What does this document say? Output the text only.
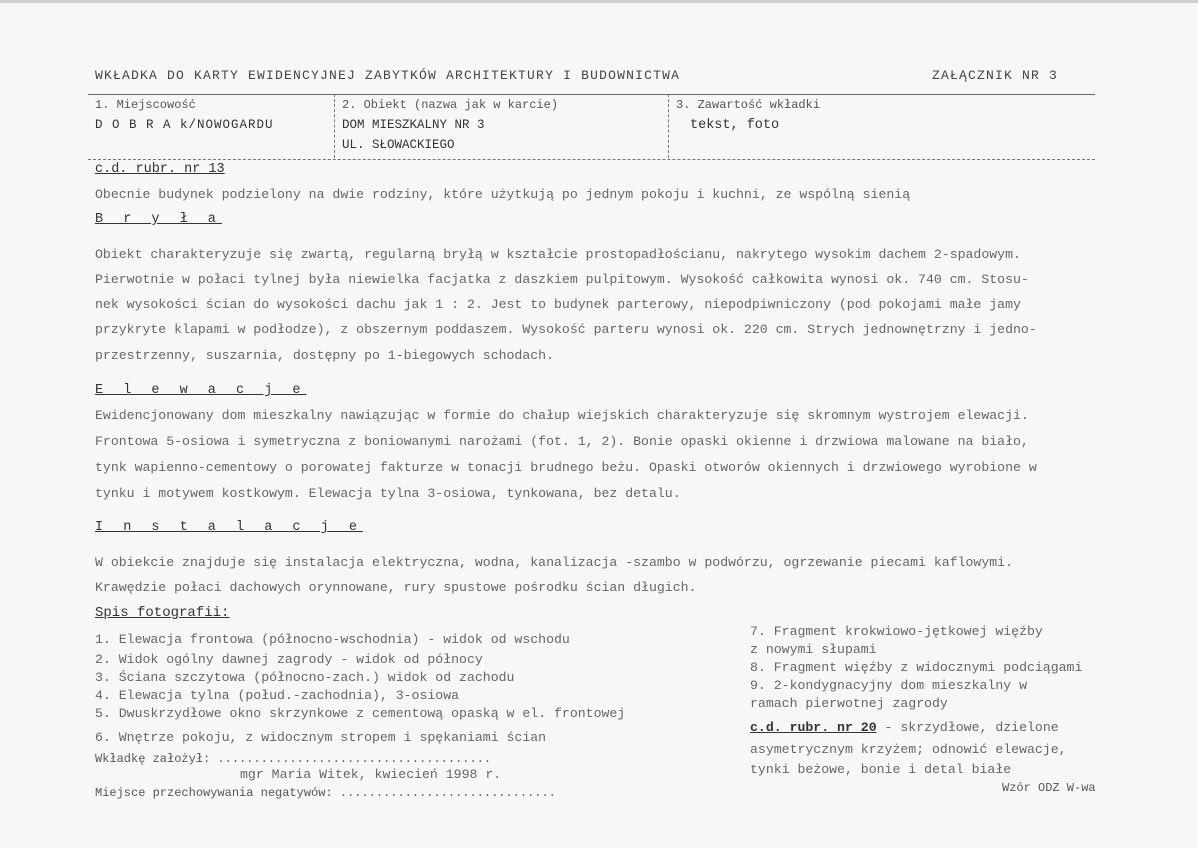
WKŁADKA DO KARTY EWIDENCYJNEJ ZABYTKÓW ARCHITEKTURY I BUDOWNICTWA	ZAŁĄCZNIK NR 3
1. Miejscowość
D O B R A k/NOWOGARDU
2. Obiekt (nazwa jak w karcie)
DOM MIESZKALNY NR 3
UL. SŁOWACKIEGO
3. Zawartość wkładki
tekst, foto
c.d. rubr. nr 13
Obecnie budynek podzielony na dwie rodziny, które użytkują po jednym pokoju i kuchni, ze wspólną sienią
B r y ł a
Obiekt charakteryzuje się zwartą, regularną bryłą w kształcie prostopadłościanu, nakrytego wysokim dachem 2-spadowym.
Pierwotnie w połaci tylnej była niewielka facjatka z daszkiem pulpitowym. Wysokość całkowita wynosi ok. 740 cm. Stosu-
nek wysokości ścian do wysokości dachu jak 1 : 2. Jest to budynek parterowy, niepodpiwniczony (pod pokojami małe jamy
przykryte klapami w podłodze), z obszernym poddaszem. Wysokość parteru wynosi ok. 220 cm. Strych jednownętrzny i jedno-
przestrzenny, suszarnia, dostępny po 1-biegowych schodach.
E l e w a c j e
Ewidencjonowany dom mieszkalny nawiązując w formie do chałup wiejskich charakteryzuje się skromnym wystrojem elewacji.
Frontowa 5-osiowa i symetryczna z boniowanymi narożami (fot. 1, 2). Bonie opaski okienne i drzwiowa malowane na biało,
tynk wapienno-cementowy o porowatej fakturze w tonacji brudnego beżu. Opaski otworów okiennych i drzwiowego wyrobione w
tynku i motywem kostkowym. Elewacja tylna 3-osiowa, tynkowana, bez detalu.
I n s t a l a c j e
W obiekcie znajduje się instalacja elektryczna, wodna, kanalizacja -szambo w podwórzu, ogrzewanie piecami kaflowymi.
Krawędzie połaci dachowych orynnowane, rury spustowe pośrodku ścian długich.
Spis fotografii:
1. Elewacja frontowa (północno-wschodnia) - widok od wschodu
2. Widok ogólny dawnej zagrody - widok od północy
3. Ściana szczytowa (północno-zach.) widok od zachodu
4. Elewacja tylna (połud.-zachodnia), 3-osiowa
5. Dwuskrzydłowe okno skrzynkowe z cementową opaską w el. frontowej
6. Wnętrze pokoju, z widocznym stropem i spękaniami ścian
7. Fragment krokwiowo-jętkowej więźby
z nowymi słupami
8. Fragment więźby z widocznymi podciągami
9. 2-kondygnacyjny dom mieszkalny w
ramach pierwotnej zagrody
c.d. rubr. nr 20 - skrzydłowe, dzielone
asymetrycznym krzyżem; odnowić elewacje,
tynki beżowe, bonie i detal białe
Wkładkę założył: ......................................
mgr Maria Witek, kwiecień 1998 r.
Miejsce przechowywania negatywów: ..............................	Wzór ODZ W-wa
